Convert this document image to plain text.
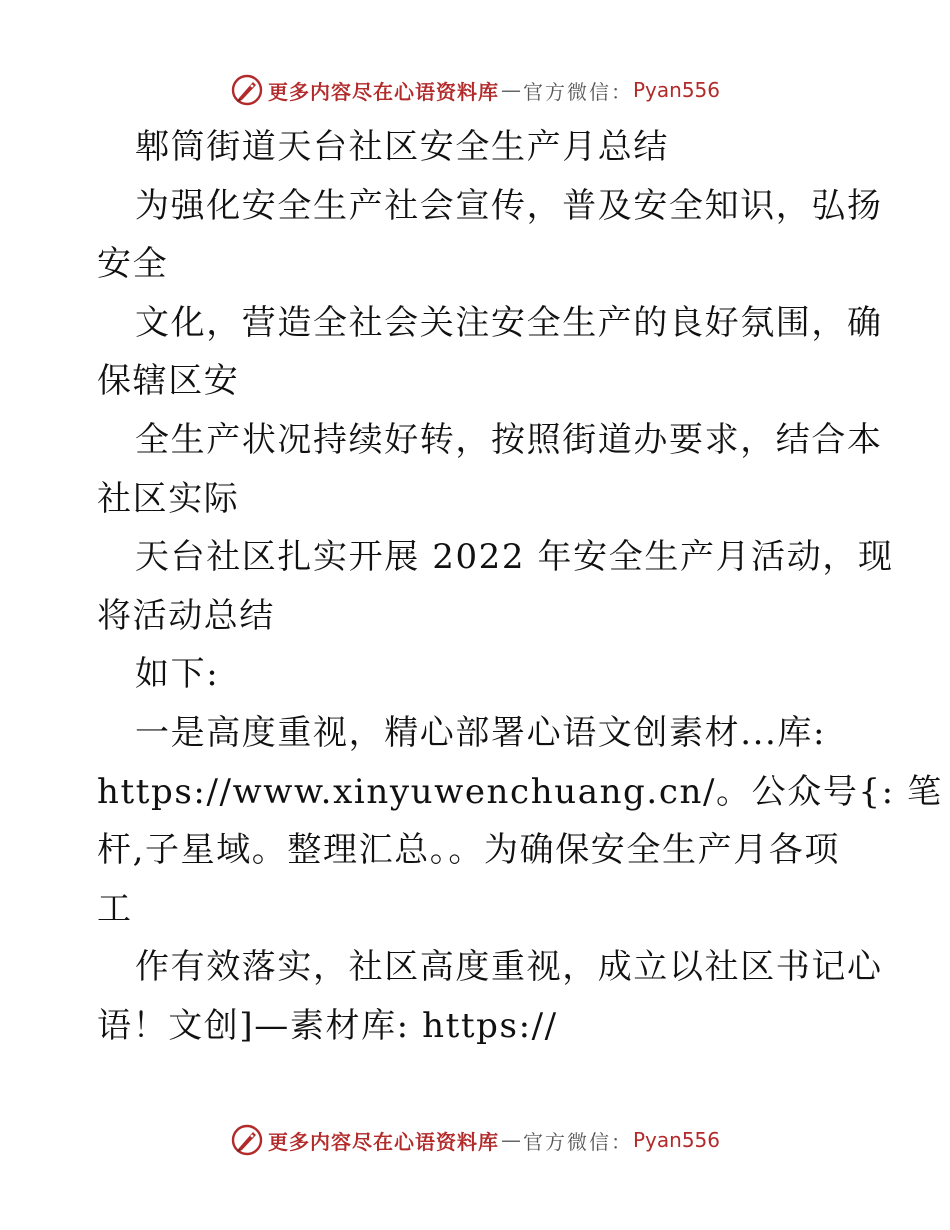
更多内容尽在心语资料库 — 官方微信： Pyan556
郫筒街道天台社区安全生产月总结
为强化安全生产社会宣传，普及安全知识，弘扬
安全
文化，营造全社会关注安全生产的良好氛围，确
保辖区安
全生产状况持续好转，按照街道办要求，结合本
社区实际
天台社区扎实开展 2022 年安全生产月活动，现
将活动总结
如下:
一是高度重视，精心部署心语文创素材...库:
https://www.xinyuwenchuang.cn/。公众号{: 笔
杆,子星域。整理汇总。。为确保安全生产月各项
工
作有效落实，社区高度重视，成立以社区书记心
语！文创]—素材库: https://
更多内容尽在心语资料库 — 官方微信： Pyan556
